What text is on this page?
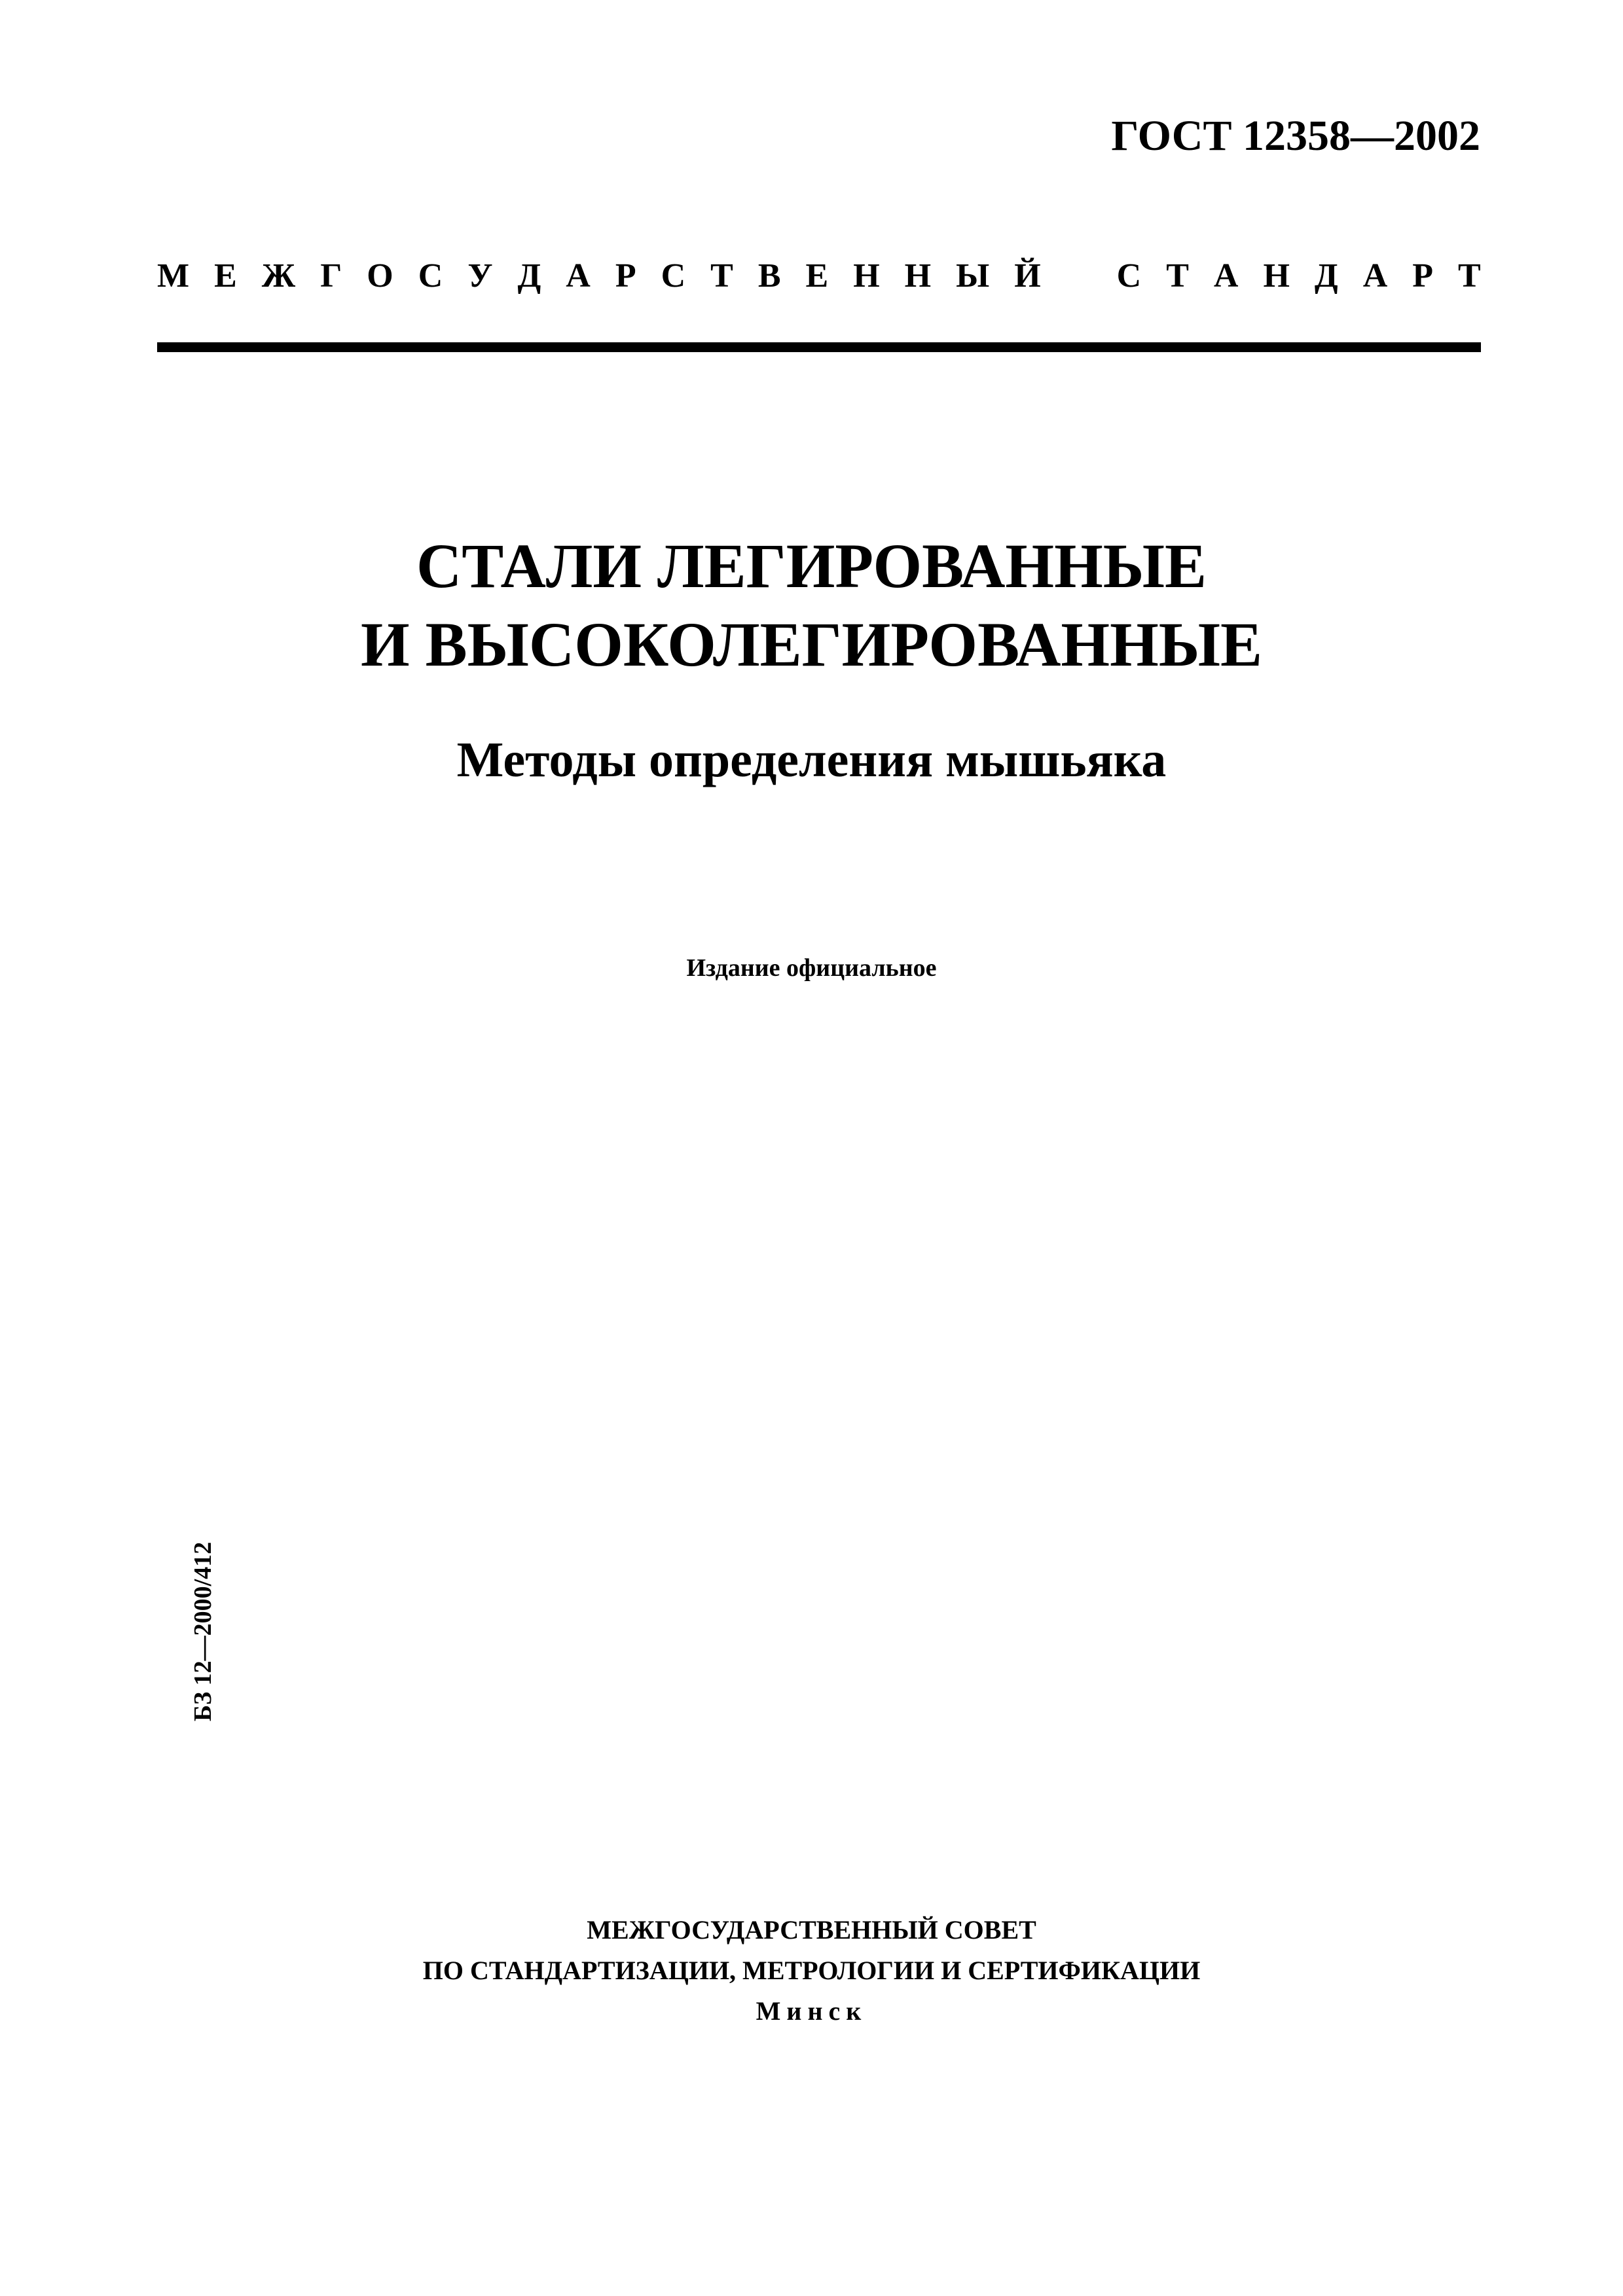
ГОСТ 12358—2002
М Е Ж Г О С У Д А Р С Т В Е Н Н Ы Й С Т А Н Д А Р Т
СТАЛИ ЛЕГИРОВАННЫЕ
И ВЫСОКОЛЕГИРОВАННЫЕ
Методы определения мышьяка
Издание официальное
БЗ 12—2000/412
МЕЖГОСУДАРСТВЕННЫЙ СОВЕТ
ПО СТАНДАРТИЗАЦИИ, МЕТРОЛОГИИ И СЕРТИФИКАЦИИ
Минск
